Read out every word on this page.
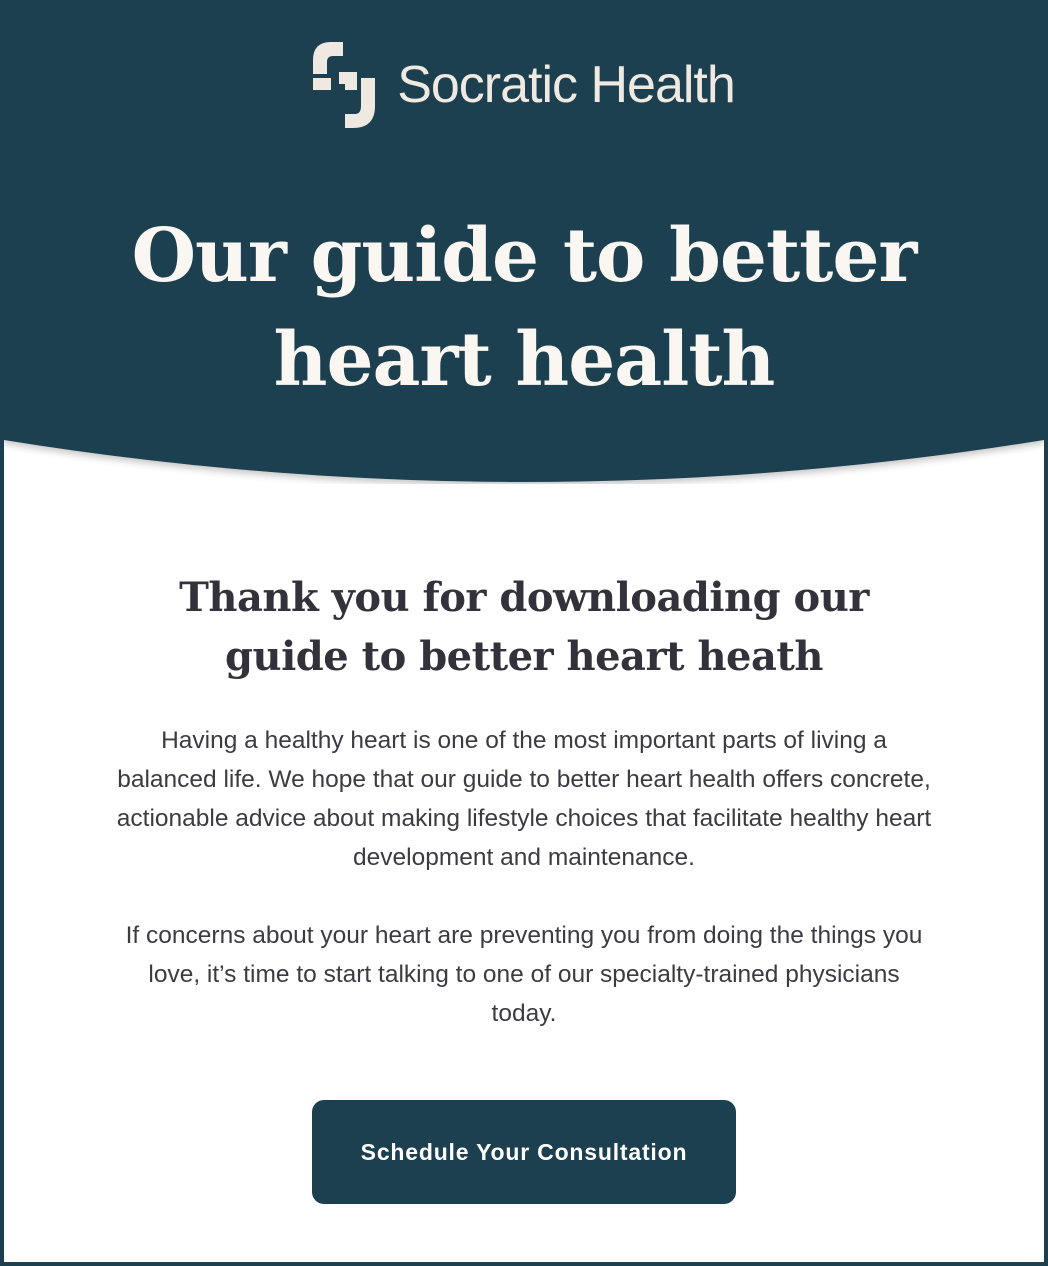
Socratic Health
Our guide to better heart health
Thank you for downloading our guide to better heart heath

Having a healthy heart is one of the most important parts of living a balanced life. We hope that our guide to better heart health offers concrete, actionable advice about making lifestyle choices that facilitate healthy heart development and maintenance.

If concerns about your heart are preventing you from doing the things you love, it’s time to start talking to one of our specialty-trained physicians today.

Schedule Your Consultation
